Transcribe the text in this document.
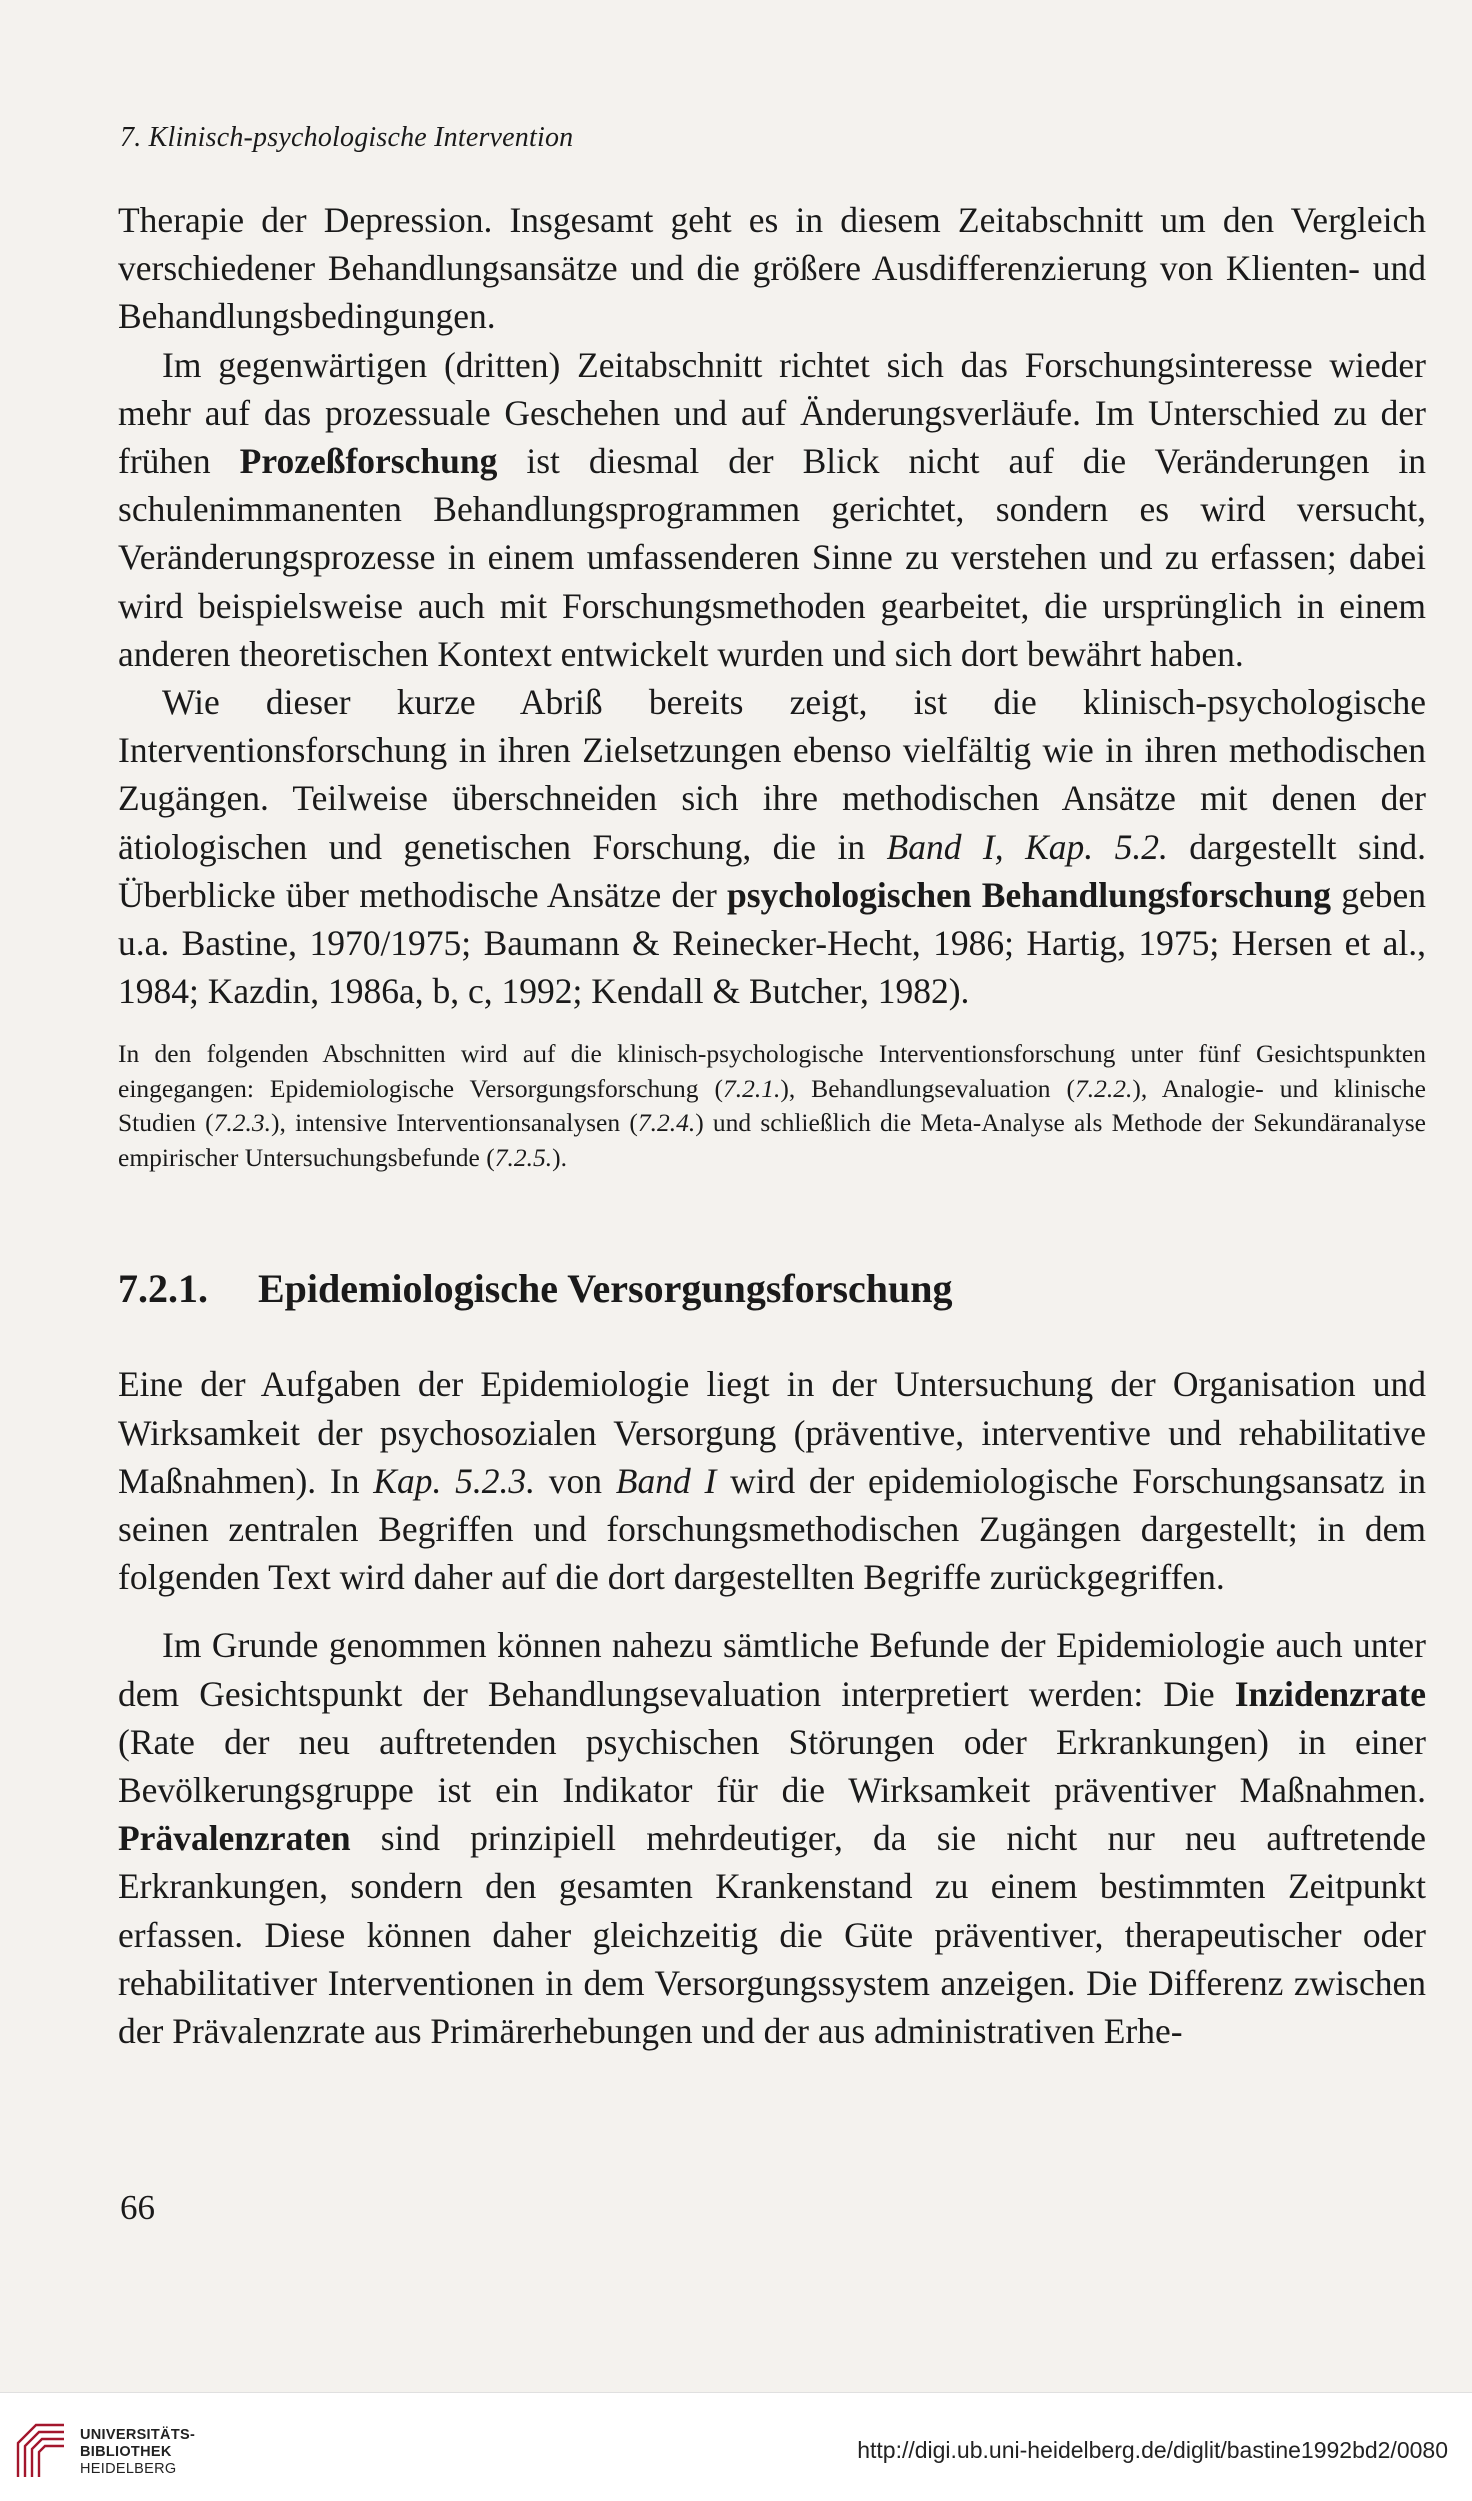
7. Klinisch-psychologische Intervention

Therapie der Depression. Insgesamt geht es in diesem Zeitabschnitt um den Vergleich verschiedener Behandlungsansätze und die größere Ausdifferenzierung von Klienten- und Behandlungsbedingungen.

Im gegenwärtigen (dritten) Zeitabschnitt richtet sich das Forschungsinteresse wieder mehr auf das prozessuale Geschehen und auf Änderungsverläufe. Im Unterschied zu der frühen Prozeßforschung ist diesmal der Blick nicht auf die Veränderungen in schulenimmanenten Behandlungsprogrammen gerichtet, sondern es wird versucht, Veränderungsprozesse in einem umfassenderen Sinne zu verstehen und zu erfassen; dabei wird beispielsweise auch mit Forschungsmethoden gearbeitet, die ursprünglich in einem anderen theoretischen Kontext entwickelt wurden und sich dort bewährt haben.

Wie dieser kurze Abriß bereits zeigt, ist die klinisch-psychologische Interventionsforschung in ihren Zielsetzungen ebenso vielfältig wie in ihren methodischen Zugängen. Teilweise überschneiden sich ihre methodischen Ansätze mit denen der ätiologischen und genetischen Forschung, die in Band I, Kap. 5.2. dargestellt sind. Überblicke über methodische Ansätze der psychologischen Behandlungsforschung geben u.a. Bastine, 1970/1975; Baumann & Reinecker-Hecht, 1986; Hartig, 1975; Hersen et al., 1984; Kazdin, 1986a, b, c, 1992; Kendall & Butcher, 1982).

In den folgenden Abschnitten wird auf die klinisch-psychologische Interventionsforschung unter fünf Gesichtspunkten eingegangen: Epidemiologische Versorgungsforschung (7.2.1.), Behandlungsevaluation (7.2.2.), Analogie- und klinische Studien (7.2.3.), intensive Interventionsanalysen (7.2.4.) und schließlich die Meta-Analyse als Methode der Sekundäranalyse empirischer Untersuchungsbefunde (7.2.5.).

7.2.1.	Epidemiologische Versorgungsforschung

Eine der Aufgaben der Epidemiologie liegt in der Untersuchung der Organisation und Wirksamkeit der psychosozialen Versorgung (präventive, interventive und rehabilitative Maßnahmen). In Kap. 5.2.3. von Band I wird der epidemiologische Forschungsansatz in seinen zentralen Begriffen und forschungsmethodischen Zugängen dargestellt; in dem folgenden Text wird daher auf die dort dargestellten Begriffe zurückgegriffen.

Im Grunde genommen können nahezu sämtliche Befunde der Epidemiologie auch unter dem Gesichtspunkt der Behandlungsevaluation interpretiert werden: Die Inzidenzrate (Rate der neu auftretenden psychischen Störungen oder Erkrankungen) in einer Bevölkerungsgruppe ist ein Indikator für die Wirksamkeit präventiver Maßnahmen. Prävalenzraten sind prinzipiell mehrdeutiger, da sie nicht nur neu auftretende Erkrankungen, sondern den gesamten Krankenstand zu einem bestimmten Zeitpunkt erfassen. Diese können daher gleichzeitig die Güte präventiver, therapeutischer oder rehabilitativer Interventionen in dem Versorgungssystem anzeigen. Die Differenz zwischen der Prävalenzrate aus Primärerhebungen und der aus administrativen Erhe-

66
UNIVERSITÄTS-
BIBLIOTHEK
HEIDELBERG
http://digi.ub.uni-heidelberg.de/diglit/bastine1992bd2/0080
